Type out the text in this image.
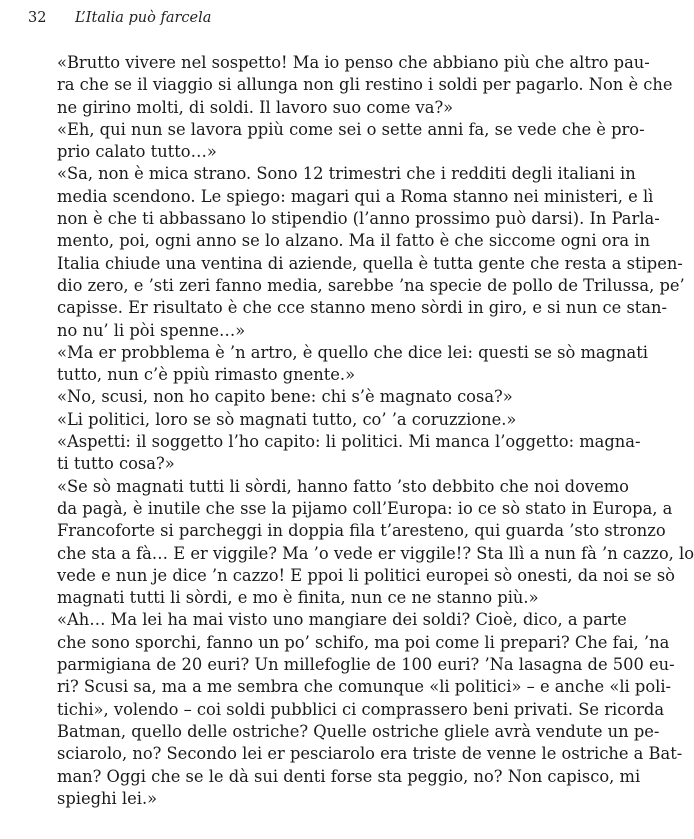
32 L’Italia può farcela
«Brutto vivere nel sospetto! Ma io penso che abbiano più che altro pau-
ra che se il viaggio si allunga non gli restino i soldi per pagarlo. Non è che
ne girino molti, di soldi. Il lavoro suo come va?»
«Eh, qui nun se lavora ppiù come sei o sette anni fa, se vede che è pro-
prio calato tutto…»
«Sa, non è mica strano. Sono 12 trimestri che i redditi degli italiani in
media scendono. Le spiego: magari qui a Roma stanno nei ministeri, e lì
non è che ti abbassano lo stipendio (l’anno prossimo può darsi). In Parla-
mento, poi, ogni anno se lo alzano. Ma il fatto è che siccome ogni ora in
Italia chiude una ventina di aziende, quella è tutta gente che resta a stipen-
dio zero, e ’sti zeri fanno media, sarebbe ’na specie de pollo de Trilussa, pe’
capisse. Er risultato è che cce stanno meno sòrdi in giro, e si nun ce stan-
no nu’ li pòi spenne…»
«Ma er probblema è ’n artro, è quello che dice lei: questi se sò magnati
tutto, nun c’è ppiù rimasto gnente.»
«No, scusi, non ho capito bene: chi s’è magnato cosa?»
«Li politici, loro se sò magnati tutto, co’ ’a coruzzione.»
«Aspetti: il soggetto l’ho capito: li politici. Mi manca l’oggetto: magna-
ti tutto cosa?»
«Se sò magnati tutti li sòrdi, hanno fatto ’sto debbito che noi dovemo
da pagà, è inutile che sse la pijamo coll’Europa: io ce sò stato in Europa, a
Francoforte si parcheggi in doppia fila t’aresteno, qui guarda ’sto stronzo
che sta a fà… E er viggile? Ma ’o vede er viggile!? Sta llì a nun fà ’n cazzo, lo
vede e nun je dice ’n cazzo! E ppoi li politici europei sò onesti, da noi se sò
magnati tutti li sòrdi, e mo è finita, nun ce ne stanno più.»
«Ah… Ma lei ha mai visto uno mangiare dei soldi? Cioè, dico, a parte
che sono sporchi, fanno un po’ schifo, ma poi come li prepari? Che fai, ’na
parmigiana de 20 euri? Un millefoglie de 100 euri? ’Na lasagna de 500 eu-
ri? Scusi sa, ma a me sembra che comunque «li politici» – e anche «li poli-
tichi», volendo – coi soldi pubblici ci comprassero beni privati. Se ricorda
Batman, quello delle ostriche? Quelle ostriche gliele avrà vendute un pe-
sciarolo, no? Secondo lei er pesciarolo era triste de venne le ostriche a Bat-
man? Oggi che se le dà sui denti forse sta peggio, no? Non capisco, mi
spieghi lei.»
